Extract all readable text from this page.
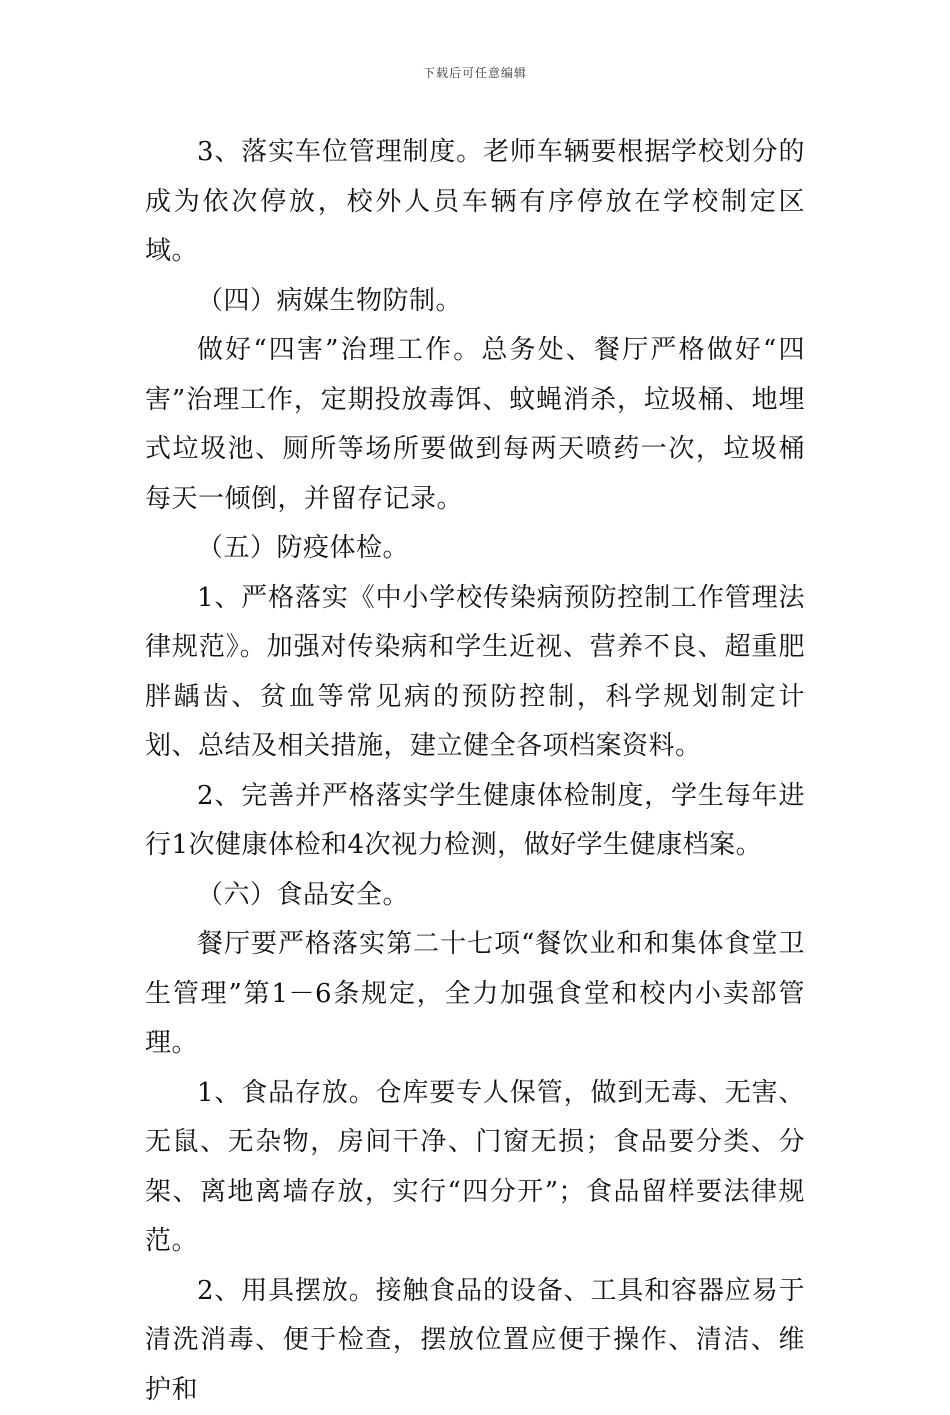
下载后可任意编辑

3、落实车位管理制度。老师车辆要根据学校划分的成为依次停放，校外人员车辆有序停放在学校制定区域。

（四）病媒生物防制。

做好“四害”治理工作。总务处、餐厅严格做好“四害”治理工作，定期投放毒饵、蚊蝇消杀，垃圾桶、地埋式垃圾池、厕所等场所要做到每两天喷药一次，垃圾桶每天一倾倒，并留存记录。

（五）防疫体检。

1、严格落实《中小学校传染病预防控制工作管理法律规范》。加强对传染病和学生近视、营养不良、超重肥胖龋齿、贫血等常见病的预防控制，科学规划制定计划、总结及相关措施，建立健全各项档案资料。

2、完善并严格落实学生健康体检制度，学生每年进行1次健康体检和4次视力检测，做好学生健康档案。

（六）食品安全。

餐厅要严格落实第二十七项“餐饮业和和集体食堂卫生管理”第1－6条规定，全力加强食堂和校内小卖部管理。

1、食品存放。仓库要专人保管，做到无毒、无害、无鼠、无杂物，房间干净、门窗无损；食品要分类、分架、离地离墙存放，实行“四分开”；食品留样要法律规范。

2、用具摆放。接触食品的设备、工具和容器应易于清洗消毒、便于检查，摆放位置应便于操作、清洁、维护和
